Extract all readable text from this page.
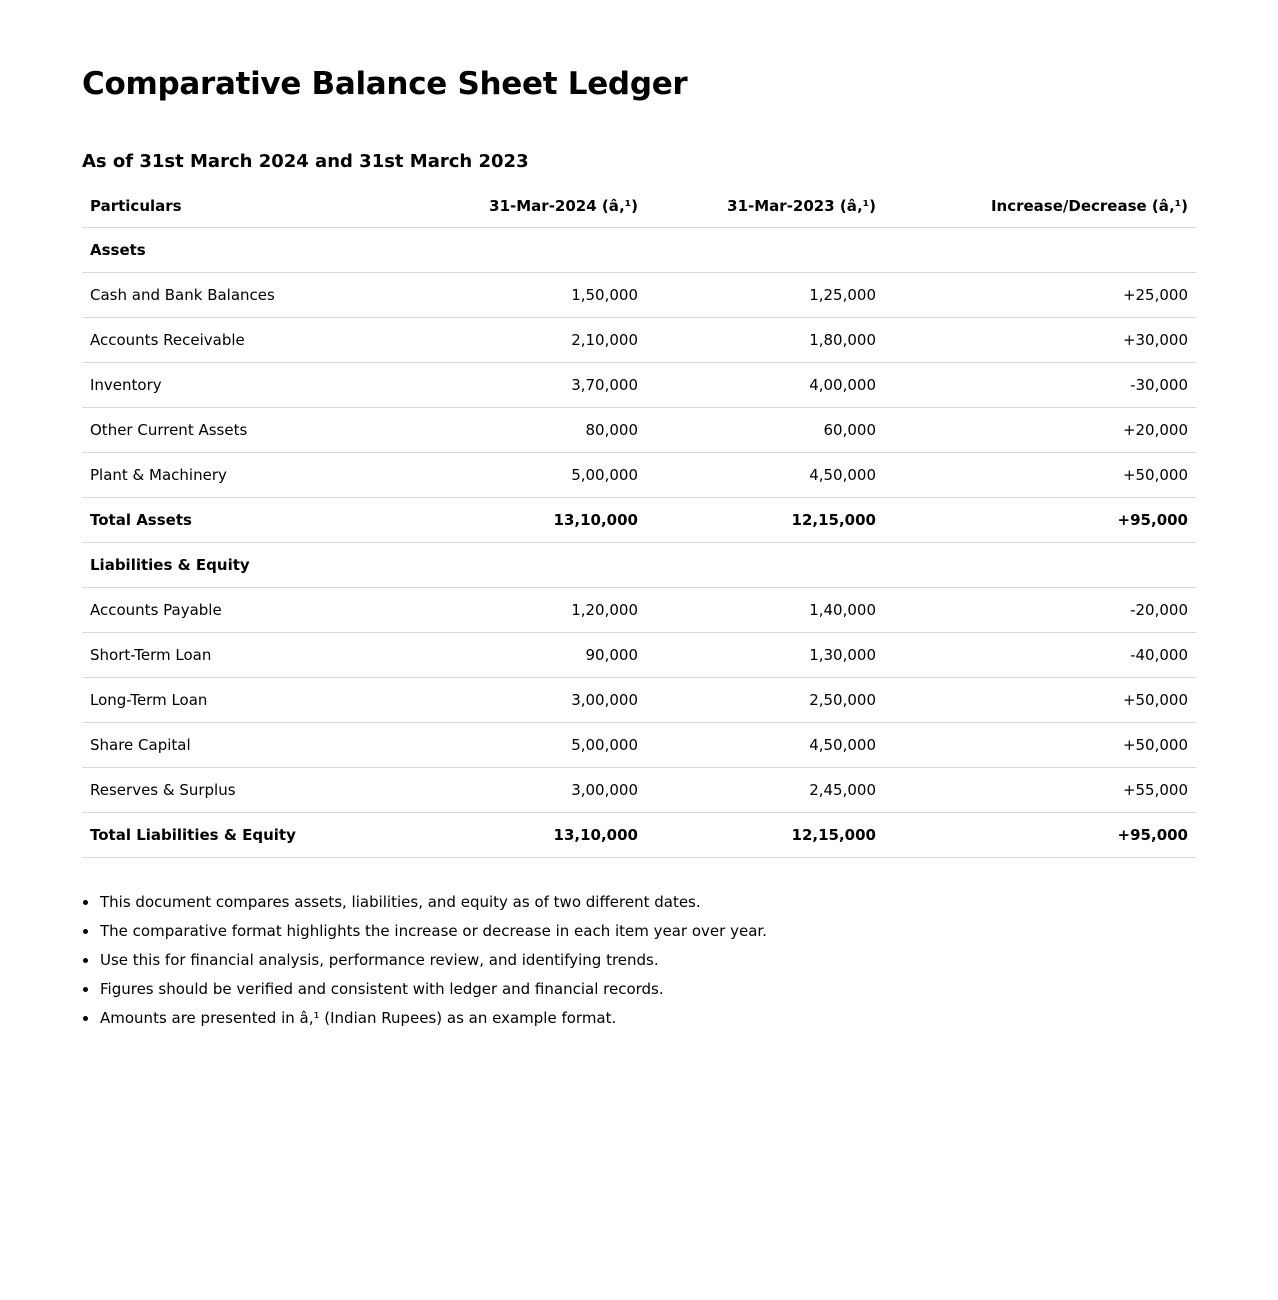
Comparative Balance Sheet Ledger
As of 31st March 2024 and 31st March 2023
Particulars	31-Mar-2024 (â‚¹)	31-Mar-2023 (â‚¹)	Increase/Decrease (â‚¹)
Assets			
Cash and Bank Balances	1,50,000	1,25,000	+25,000
Accounts Receivable	2,10,000	1,80,000	+30,000
Inventory	3,70,000	4,00,000	-30,000
Other Current Assets	80,000	60,000	+20,000
Plant & Machinery	5,00,000	4,50,000	+50,000
Total Assets	13,10,000	12,15,000	+95,000
Liabilities & Equity			
Accounts Payable	1,20,000	1,40,000	-20,000
Short-Term Loan	90,000	1,30,000	-40,000
Long-Term Loan	3,00,000	2,50,000	+50,000
Share Capital	5,00,000	4,50,000	+50,000
Reserves & Surplus	3,00,000	2,45,000	+55,000
Total Liabilities & Equity	13,10,000	12,15,000	+95,000
• This document compares assets, liabilities, and equity as of two different dates.
• The comparative format highlights the increase or decrease in each item year over year.
• Use this for financial analysis, performance review, and identifying trends.
• Figures should be verified and consistent with ledger and financial records.
• Amounts are presented in â‚¹ (Indian Rupees) as an example format.
